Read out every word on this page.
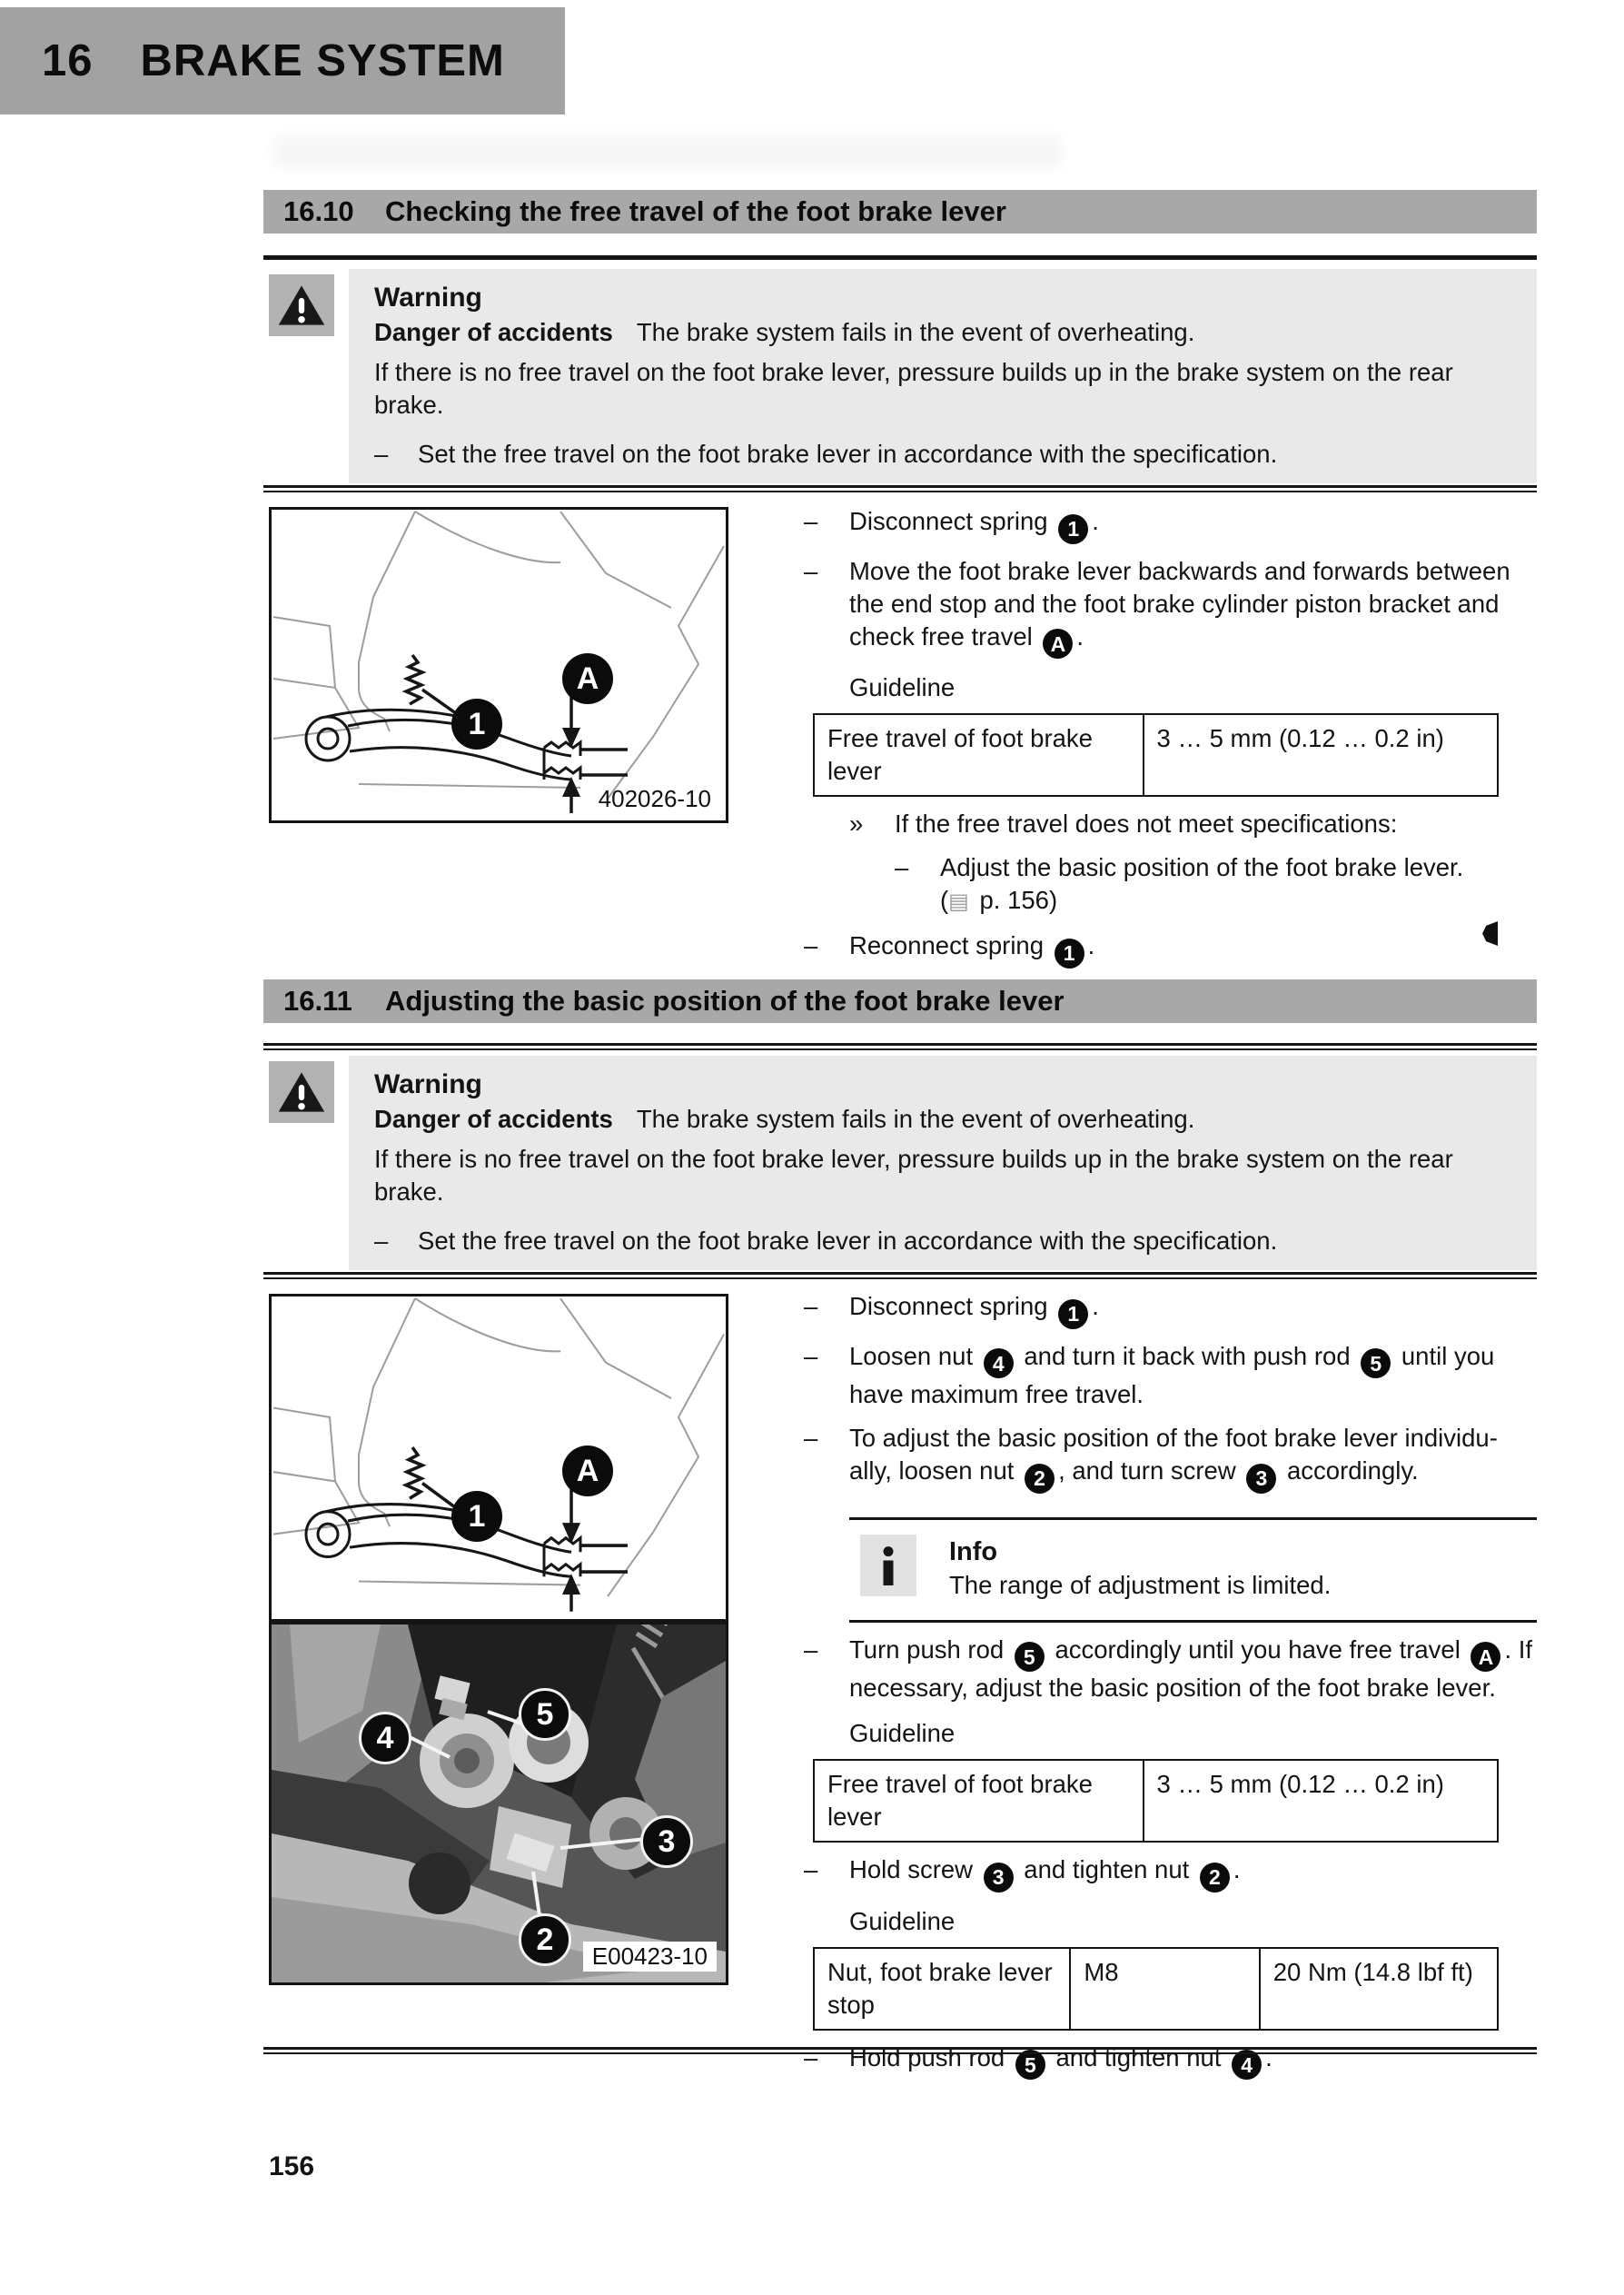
16 BRAKE SYSTEM
16.10	Checking the free travel of the foot brake lever
Warning
Danger of accidents The brake system fails in the event of overheating.
If there is no free travel on the foot brake lever, pressure builds up in the brake system on the rear
brake.
–	Set the free travel on the foot brake lever in accordance with the specification.
1
A
402026-10
–	Disconnect spring 1 .
–	Move the foot brake lever backwards and forwards between
the end stop and the foot brake cylinder piston bracket and
check free travel A .
Guideline
Free travel of foot brake lever	3 … 5 mm (0.12 … 0.2 in)
»	If the free travel does not meet specifications:
–	Adjust the basic position of the foot brake lever.
(▤ p. 156)
–	Reconnect spring 1 .
16.11	Adjusting the basic position of the foot brake lever
Warning
Danger of accidents The brake system fails in the event of overheating.
If there is no free travel on the foot brake lever, pressure builds up in the brake system on the rear
brake.
–	Set the free travel on the foot brake lever in accordance with the specification.
1
A
4
5
3
2	E00423-10
–	Disconnect spring 1 .
–	Loosen nut 4 and turn it back with push rod 5 until you
have maximum free travel.
–	To adjust the basic position of the foot brake lever individu-
ally, loosen nut 2 , and turn screw 3 accordingly.
Info
The range of adjustment is limited.
–	Turn push rod 5 accordingly until you have free travel A . If
necessary, adjust the basic position of the foot brake lever.
Guideline
Free travel of foot brake lever	3 … 5 mm (0.12 … 0.2 in)
–	Hold screw 3 and tighten nut 2 .
Guideline
Nut, foot brake lever stop	M8	20 Nm (14.8 lbf ft)
–	Hold push rod 5 and tighten nut 4 .
156
